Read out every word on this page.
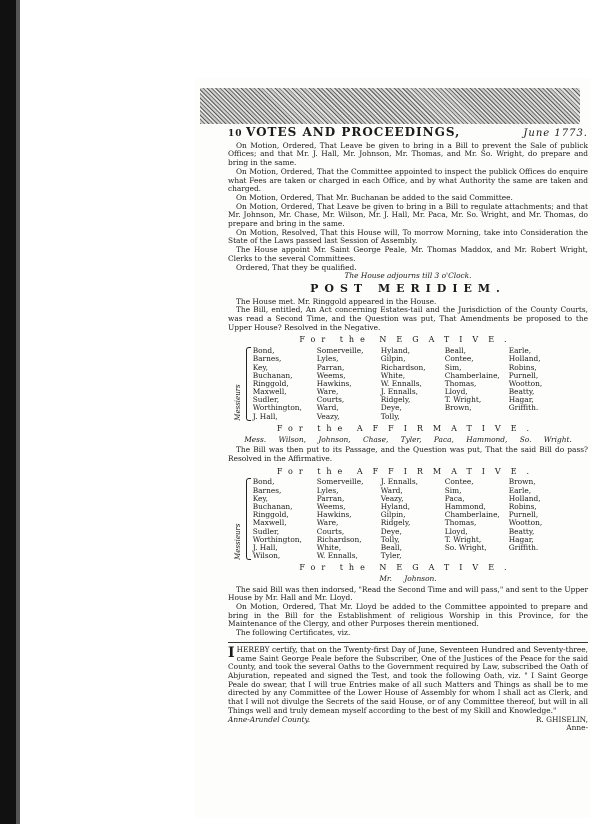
10 VOTES AND PROCEEDINGS,	June 1773.

On Motion, Ordered, That Leave be given to bring in a Bill to prevent the Sale of publick Offices; and that Mr. J. Hall, Mr. Johnson, Mr. Thomas, and Mr. So. Wright, do prepare and bring in the same.

On Motion, Ordered, That the Committee appointed to inspect the publick Offices do enquire what Fees are taken or charged in each Office, and by what Authority the same are taken and charged.

On Motion, Ordered, That Mr. Buchanan be added to the said Committee.

On Motion, Ordered, That Leave be given to bring in a Bill to regulate attachments; and that Mr. Johnson, Mr. Chase, Mr. Wilson, Mr. J. Hall, Mr. Paca, Mr. So. Wright, and Mr. Thomas, do prepare and bring in the same.

On Motion, Resolved, That this House will, To morrow Morning, take into Consideration the State of the Laws passed last Session of Assembly.

The House appoint Mr. Saint George Peale, Mr. Thomas Maddox, and Mr. Robert Wright, Clerks to the several Committees.

Ordered, That they be qualified.

The House adjourns till 3 o'Clock.

POST MERIDIEM.

The House met. Mr. Ringgold appeared in the House.

The Bill, entitled, An Act concerning Estates-tail and the Jurisdiction of the County Courts, was read a Second Time, and the Question was put, That Amendments be proposed to the Upper House? Resolved in the Negative.

For the NEGATIVE.
Messieurs
Bond,
Barnes,
Key,
Buchanan,
Ringgold,
Maxwell,
Sudler,
Worthington,
J. Hall,
Somerveille,
Lyles,
Parran,
Weems,
Hawkins,
Ware,
Courts,
Ward,
Veazy,
Hyland,
Gilpin,
Richardson,
White,
W. Ennalls,
J. Ennalls,
Ridgely,
Deye,
Tolly,
Beall,
Contee,
Sim,
Chamberlaine,
Thomas,
Lloyd,
T. Wright,
Brown,
Earle,
Holland,
Robins,
Purnell,
Wootton,
Beatty,
Hagar,
Griffith.
For the AFFIRMATIVE.
Mess. Wilson, Johnson, Chase, Tyler, Paca, Hammond, So. Wright.

The Bill was then put to its Passage, and the Question was put, That the said Bill do pass? Resolved in the Affirmative.

For the AFFIRMATIVE.
Messieurs
Bond,
Barnes,
Key,
Buchanan,
Ringgold,
Maxwell,
Sudler,
Worthington,
J. Hall,
Wilson,
Somerveille,
Lyles,
Parran,
Weems,
Hawkins,
Ware,
Courts,
Richardson,
White,
W. Ennalls,
J. Ennalls,
Ward,
Veazy,
Hyland,
Gilpin,
Ridgely,
Deye,
Tolly,
Beall,
Tyler,
Contee,
Sim,
Paca,
Hammond,
Chamberlaine,
Thomas,
Lloyd,
T. Wright,
So. Wright,
Brown,
Earle,
Holland,
Robins,
Purnell,
Wootton,
Beatty,
Hagar,
Griffith.
For the NEGATIVE.
Mr. Johnson.

The said Bill was then indorsed, "Read the Second Time and will pass," and sent to the Upper House by Mr. Hall and Mr. Lloyd.

On Motion, Ordered, That Mr. Lloyd be added to the Committee appointed to prepare and bring in the Bill for the Establishment of religious Worship in this Province, for the Maintenance of the Clergy, and other Purposes therein mentioned.

The following Certificates, viz.

IHEREBY certify, that on the Twenty-first Day of June, Seventeen Hundred and Seventy-three, came Saint George Peale before the Subscriber, One of the Justices of the Peace for the said County, and took the several Oaths to the Government required by Law, subscribed the Oath of Abjuration, repeated and signed the Test, and took the following Oath, viz. " I Saint George Peale do swear, that I will true Entries make of all such Matters and Things as shall be to me directed by any Committee of the Lower House of Assembly for whom I shall act as Clerk, and that I will not divulge the Secrets of the said House, or of any Committee thereof, but will in all Things well and truly demean myself according to the best of my Skill and Knowledge."

Anne-Arundel County.	R. GHISELIN,
Anne-
